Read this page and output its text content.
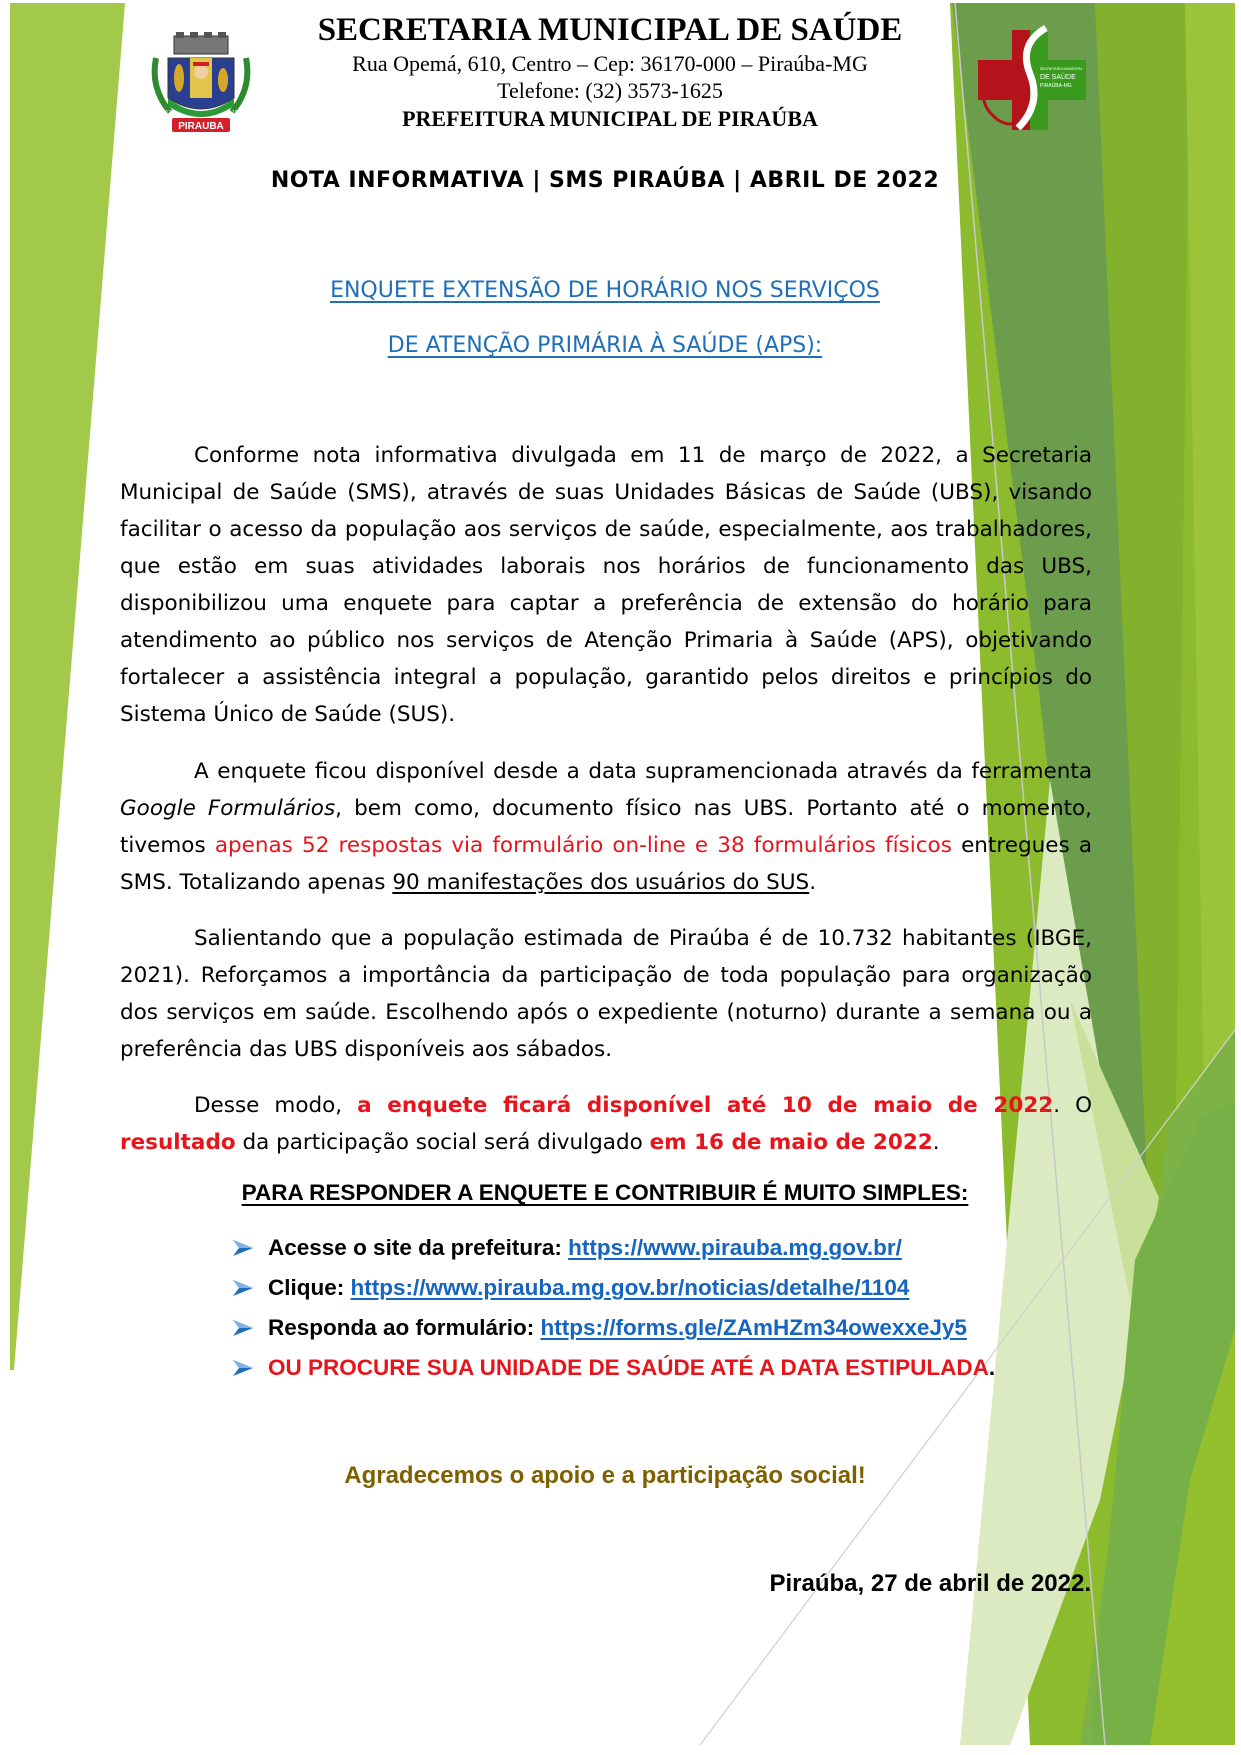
PIRAUBA
1212	1953
SECRETARIA MUNICIPAL DE SAÚDE
Rua Opemá, 610, Centro – Cep: 36170-000 – Piraúba-MG
Telefone: (32) 3573-1625
PREFEITURA MUNICIPAL DE PIRAÚBA
SECRETARIA MUNICIPAL
DE SAÚDE
PIRAÚBA-MG
NOTA INFORMATIVA | SMS PIRAÚBA | ABRIL DE 2022
ENQUETE EXTENSÃO DE HORÁRIO NOS SERVIÇOS
DE ATENÇÃO PRIMÁRIA À SAÚDE (APS):

Conforme nota informativa divulgada em 11 de março de 2022, a Secretaria Municipal de Saúde (SMS), através de suas Unidades Básicas de Saúde (UBS), visando facilitar o acesso da população aos serviços de saúde, especialmente, aos trabalhadores, que estão em suas atividades laborais nos horários de funcionamento das UBS, disponibilizou uma enquete para captar a preferência de extensão do horário para atendimento ao público nos serviços de Atenção Primaria à Saúde (APS), objetivando fortalecer a assistência integral a população, garantido pelos direitos e princípios do Sistema Único de Saúde (SUS).

A enquete ficou disponível desde a data supramencionada através da ferramenta Google Formulários, bem como, documento físico nas UBS. Portanto até o momento, tivemos apenas 52 respostas via formulário on-line e 38 formulários físicos entregues a SMS. Totalizando apenas 90 manifestações dos usuários do SUS.

Salientando que a população estimada de Piraúba é de 10.732 habitantes (IBGE, 2021). Reforçamos a importância da participação de toda população para organização dos serviços em saúde. Escolhendo após o expediente (noturno) durante a semana ou a preferência das UBS disponíveis aos sábados.

Desse modo, a enquete ficará disponível até 10 de maio de 2022. O resultado da participação social será divulgado em 16 de maio de 2022.

PARA RESPONDER A ENQUETE E CONTRIBUIR É MUITO SIMPLES:
Acesse o site da prefeitura:
https://www.pirauba.mg.gov.br/
Clique:
https://www.pirauba.mg.gov.br/noticias/detalhe/1104
Responda ao formulário:
https://forms.gle/ZAmHZm34owexxeJy5
OU PROCURE SUA UNIDADE DE SAÚDE ATÉ A DATA ESTIPULADA .
Agradecemos o apoio e a participação social!
Piraúba, 27 de abril de 2022.
